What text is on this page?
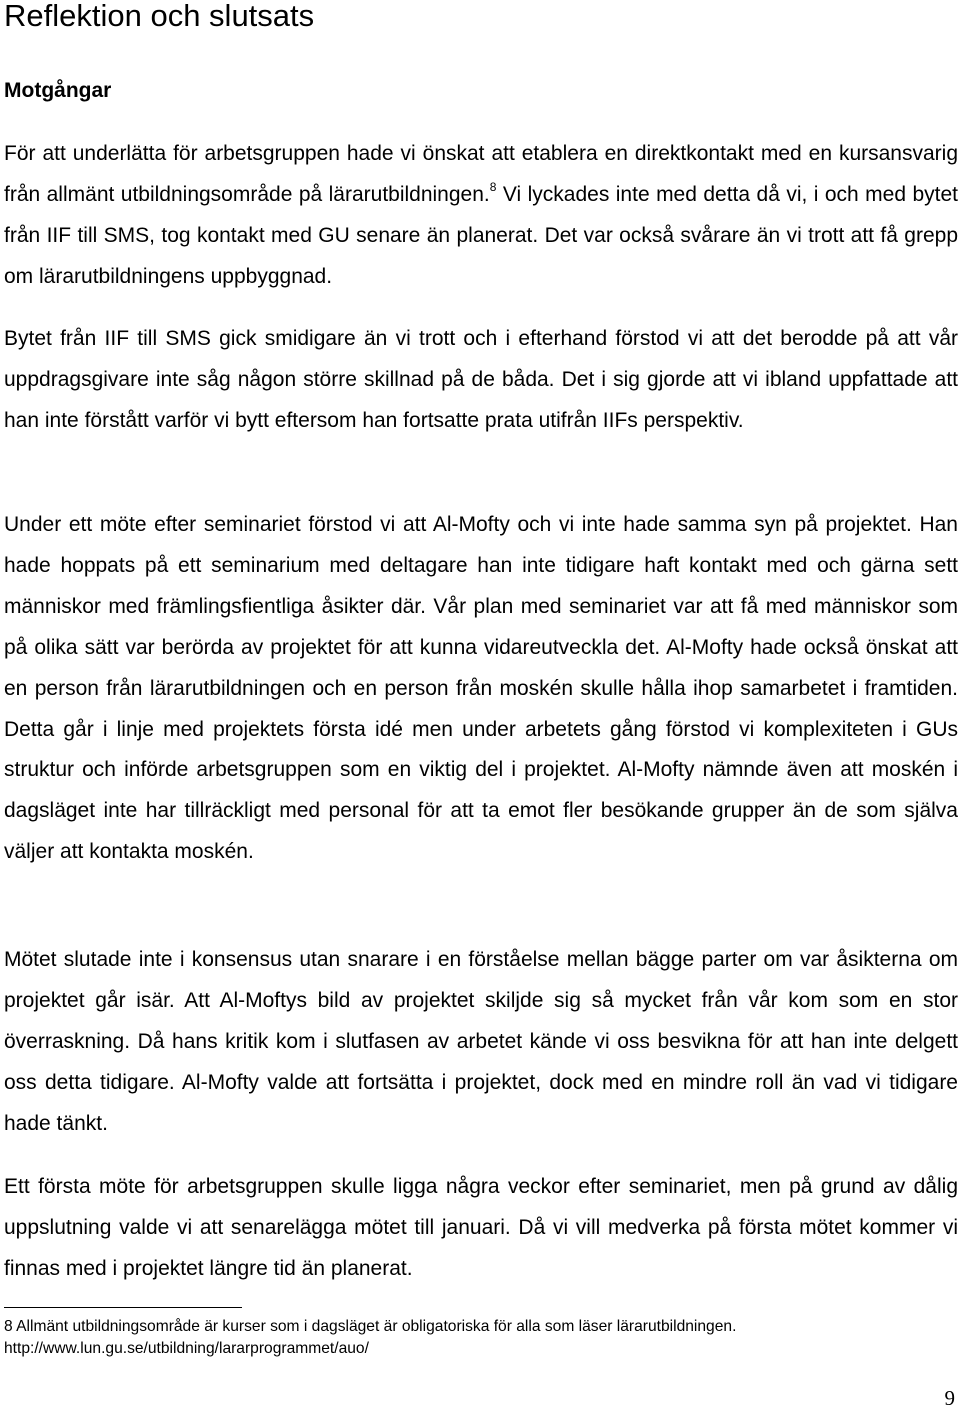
Reflektion och slutsats
Motgångar

För att underlätta för arbetsgruppen hade vi önskat att etablera en direktkontakt med en kursansvarig från allmänt utbildningsområde på lärarutbildningen.$^8$ Vi lyckades inte med detta då vi, i och med bytet från IIF till SMS, tog kontakt med GU senare än planerat. Det var också svårare än vi trott att få grepp om lärarutbildningens uppbyggnad.

Bytet från IIF till SMS gick smidigare än vi trott och i efterhand förstod vi att det berodde på att vår uppdragsgivare inte såg någon större skillnad på de båda. Det i sig gjorde att vi ibland uppfattade att han inte förstått varför vi bytt eftersom han fortsatte prata utifrån IIFs perspektiv.

Under ett möte efter seminariet förstod vi att Al-Mofty och vi inte hade samma syn på projektet. Han hade hoppats på ett seminarium med deltagare han inte tidigare haft kontakt med och gärna sett människor med främlingsfientliga åsikter där. Vår plan med seminariet var att få med människor som på olika sätt var berörda av projektet för att kunna vidareutveckla det. Al-Mofty hade också önskat att en person från lärarutbildningen och en person från moskén skulle hålla ihop samarbetet i framtiden. Detta går i linje med projektets första idé men under arbetets gång förstod vi komplexiteten i GUs struktur och införde arbetsgruppen som en viktig del i projektet. Al-Mofty nämnde även att moskén i dagsläget inte har tillräckligt med personal för att ta emot fler besökande grupper än de som själva väljer att kontakta moskén.

Mötet slutade inte i konsensus utan snarare i en förståelse mellan bägge parter om var åsikterna om projektet går isär. Att Al-Moftys bild av projektet skiljde sig så mycket från vår kom som en stor överraskning. Då hans kritik kom i slutfasen av arbetet kände vi oss besvikna för att han inte delgett oss detta tidigare. Al-Mofty valde att fortsätta i projektet, dock med en mindre roll än vad vi tidigare hade tänkt.

Ett första möte för arbetsgruppen skulle ligga några veckor efter seminariet, men på grund av dålig uppslutning valde vi att senarelägga mötet till januari. Då vi vill medverka på första mötet kommer vi finnas med i projektet längre tid än planerat.

8 Allmänt utbildningsområde är kurser som i dagsläget är obligatoriska för alla som läser lärarutbildningen.
http://www.lun.gu.se/utbildning/lararprogrammet/auo/

9
